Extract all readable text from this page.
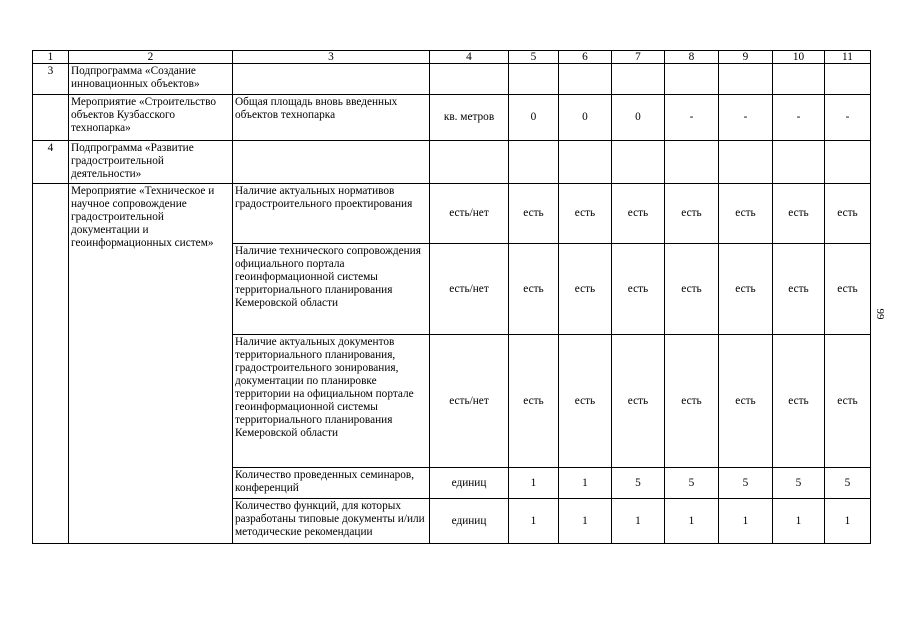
1	2	3	4	5	6	7	8	9	10	11
3	Подпрограмма «Создание инновационных объектов»									
	Мероприятие «Строительство объектов Кузбасского технопарка»	Общая площадь вновь введенных объектов технопарка	кв. метров	0	0	0	-	-	-	-
4	Подпрограмма «Развитие градостроительной деятельности»									
	Мероприятие «Техническое и научное сопровождение градостроительной документации и геоинформационных систем»	Наличие актуальных нормативов градостроительного проектирования	есть/нет	есть	есть	есть	есть	есть	есть	есть
		Наличие технического сопровождения официального портала геоинформационной системы территориального планирования Кемеровской области	есть/нет	есть	есть	есть	есть	есть	есть	есть
		Наличие актуальных документов территориального планирования, градостроительного зонирования, документации по планировке территории на официальном портале геоинформационной системы территориального планирования Кемеровской области	есть/нет	есть	есть	есть	есть	есть	есть	есть
		Количество проведенных семинаров, конференций	единиц	1	1	5	5	5	5	5
		Количество функций, для которых разработаны типовые документы и/или методические рекомендации	единиц	1	1	1	1	1	1	1
99
